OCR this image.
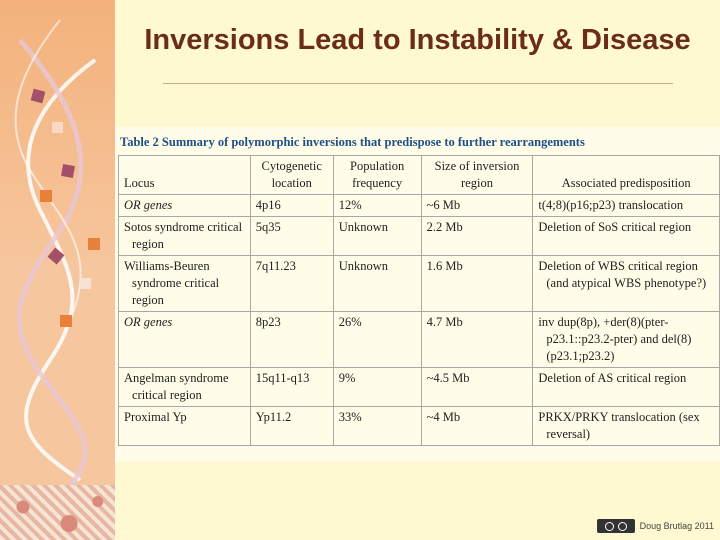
Inversions Lead to Instability & Disease
Table 2 Summary of polymorphic inversions that predispose to further rearrangements
Locus	Cytogenetic location	Population frequency	Size of inversion region	Associated predisposition

OR genes	4p16	12%	~6 Mb	t(4;8)(p16;p23) translocation

Sotos syndrome critical region	5q35	Unknown	2.2 Mb	Deletion of SoS critical region

Williams-Beuren syndrome critical region	7q11.23	Unknown	1.6 Mb	Deletion of WBS critical region (and atypical WBS phenotype?)

OR genes	8p23	26%	4.7 Mb	inv dup(8p), +der(8)(pter-p23.1::p23.2-pter) and del(8)(p23.1;p23.2)

Angelman syndrome critical region	15q11-q13	9%	~4.5 Mb	Deletion of AS critical region

Proximal Yp	Yp11.2	33%	~4 Mb	PRKX/PRKY translocation (sex reversal)
Doug Brutlag 2011
